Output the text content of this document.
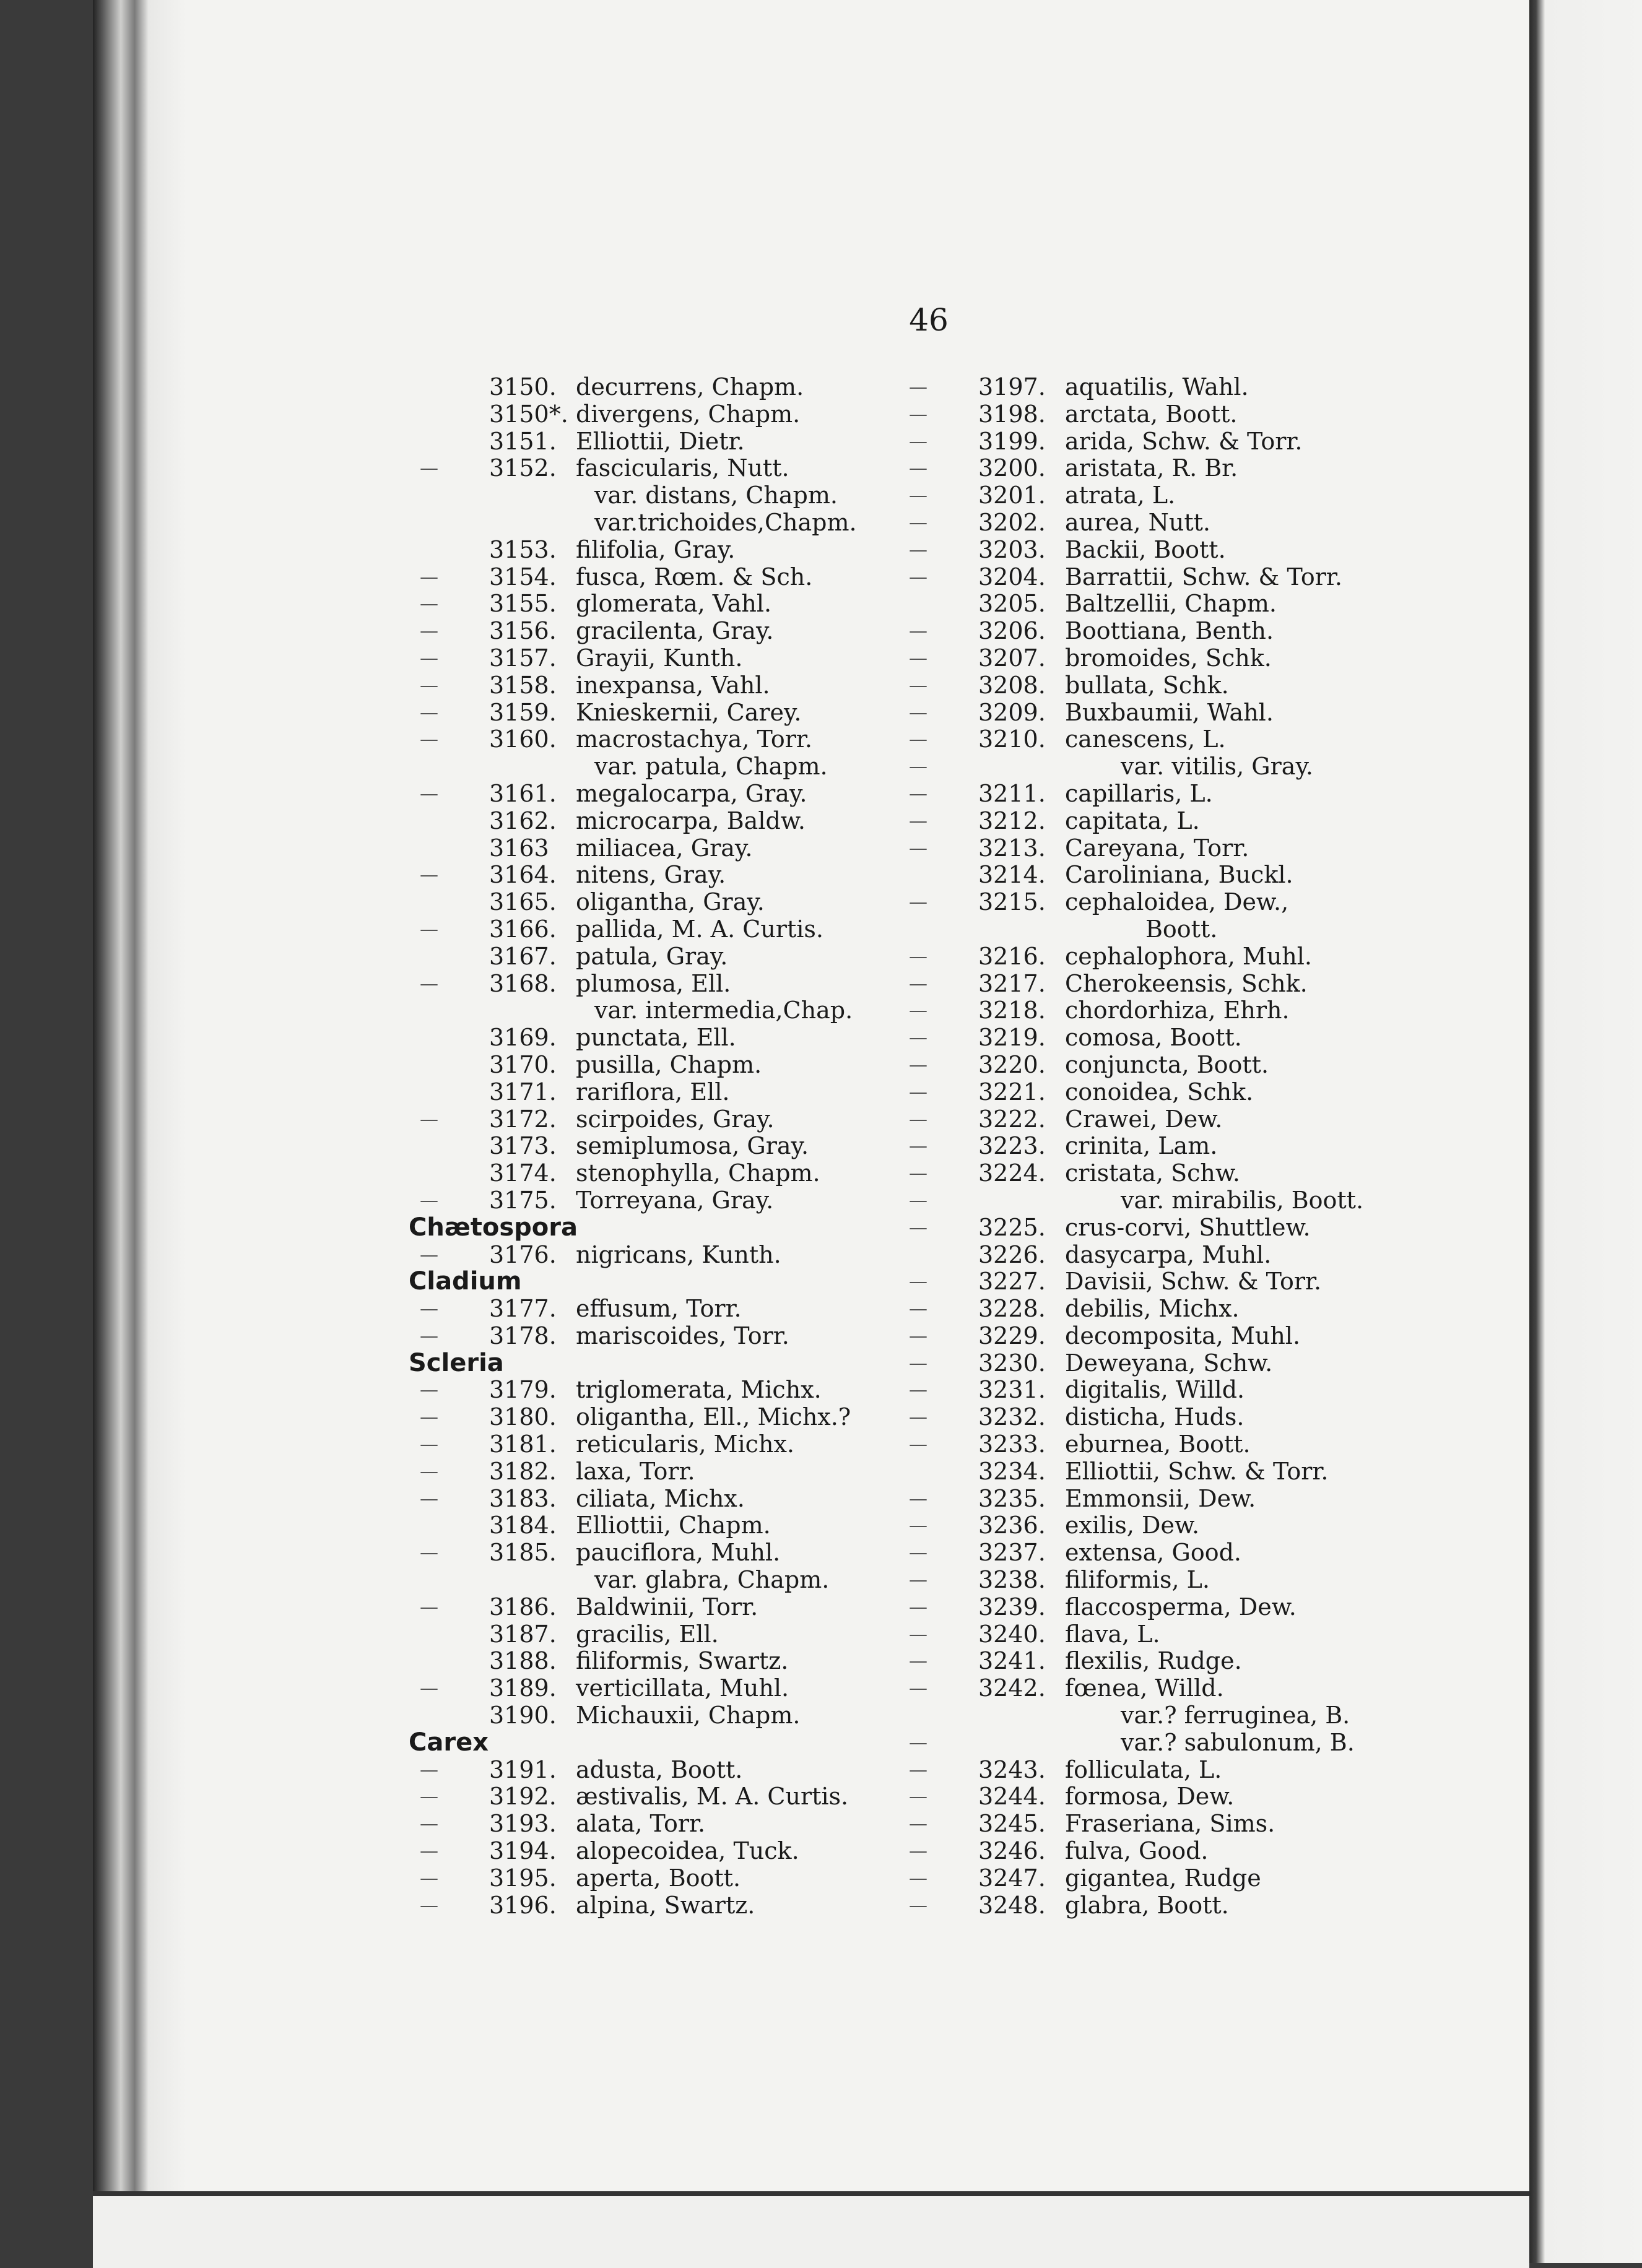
46
3150. decurrens, Chapm.
3150*. divergens, Chapm.
3151. Elliottii, Dietr.
— 3152. fascicularis, Nutt.
var. distans, Chapm.
var.trichoides,Chapm.
3153. filifolia, Gray.
— 3154. fusca, Rœm. & Sch.
— 3155. glomerata, Vahl.
— 3156. gracilenta, Gray.
— 3157. Grayii, Kunth.
— 3158. inexpansa, Vahl.
— 3159. Knieskernii, Carey.
— 3160. macrostachya, Torr.
var. patula, Chapm.
— 3161. megalocarpa, Gray.
3162. microcarpa, Baldw.
3163 miliacea, Gray.
— 3164. nitens, Gray.
3165. oligantha, Gray.
— 3166. pallida, M. A. Curtis.
3167. patula, Gray.
— 3168. plumosa, Ell.
var. intermedia,Chap.
3169. punctata, Ell.
3170. pusilla, Chapm.
3171. rariflora, Ell.
— 3172. scirpoides, Gray.
3173. semiplumosa, Gray.
3174. stenophylla, Chapm.
— 3175. Torreyana, Gray.
Chætospora
— 3176. nigricans, Kunth.
Cladium
— 3177. effusum, Torr.
— 3178. mariscoides, Torr.
Scleria
— 3179. triglomerata, Michx.
— 3180. oligantha, Ell., Michx.?
— 3181. reticularis, Michx.
— 3182. laxa, Torr.
— 3183. ciliata, Michx.
3184. Elliottii, Chapm.
— 3185. pauciflora, Muhl.
var. glabra, Chapm.
— 3186. Baldwinii, Torr.
3187. gracilis, Ell.
3188. filiformis, Swartz.
— 3189. verticillata, Muhl.
3190. Michauxii, Chapm.
Carex
— 3191. adusta, Boott.
— 3192. æstivalis, M. A. Curtis.
— 3193. alata, Torr.
— 3194. alopecoidea, Tuck.
— 3195. aperta, Boott.
— 3196. alpina, Swartz.
— 3197. aquatilis, Wahl.
— 3198. arctata, Boott.
— 3199. arida, Schw. & Torr.
— 3200. aristata, R. Br.
— 3201. atrata, L.
— 3202. aurea, Nutt.
— 3203. Backii, Boott.
— 3204. Barrattii, Schw. & Torr.
3205. Baltzellii, Chapm.
— 3206. Boottiana, Benth.
— 3207. bromoides, Schk.
— 3208. bullata, Schk.
— 3209. Buxbaumii, Wahl.
— 3210. canescens, L.
—	var. vitilis, Gray.
— 3211. capillaris, L.
— 3212. capitata, L.
— 3213. Careyana, Torr.
3214. Caroliniana, Buckl.
— 3215. cephaloidea, Dew.,
Boott.
— 3216. cephalophora, Muhl.
— 3217. Cherokeensis, Schk.
— 3218. chordorhiza, Ehrh.
— 3219. comosa, Boott.
— 3220. conjuncta, Boott.
— 3221. conoidea, Schk.
— 3222. Crawei, Dew.
— 3223. crinita, Lam.
— 3224. cristata, Schw.
—	var. mirabilis, Boott.
— 3225. crus-corvi, Shuttlew.
3226. dasycarpa, Muhl.
— 3227. Davisii, Schw. & Torr.
— 3228. debilis, Michx.
— 3229. decomposita, Muhl.
— 3230. Deweyana, Schw.
— 3231. digitalis, Willd.
— 3232. disticha, Huds.
— 3233. eburnea, Boott.
3234. Elliottii, Schw. & Torr.
— 3235. Emmonsii, Dew.
— 3236. exilis, Dew.
— 3237. extensa, Good.
— 3238. filiformis, L.
— 3239. flaccosperma, Dew.
— 3240. flava, L.
— 3241. flexilis, Rudge.
— 3242. fœnea, Willd.
var.? ferruginea, B.
—	var.? sabulonum, B.
— 3243. folliculata, L.
— 3244. formosa, Dew.
— 3245. Fraseriana, Sims.
— 3246. fulva, Good.
— 3247. gigantea, Rudge
— 3248. glabra, Boott.
